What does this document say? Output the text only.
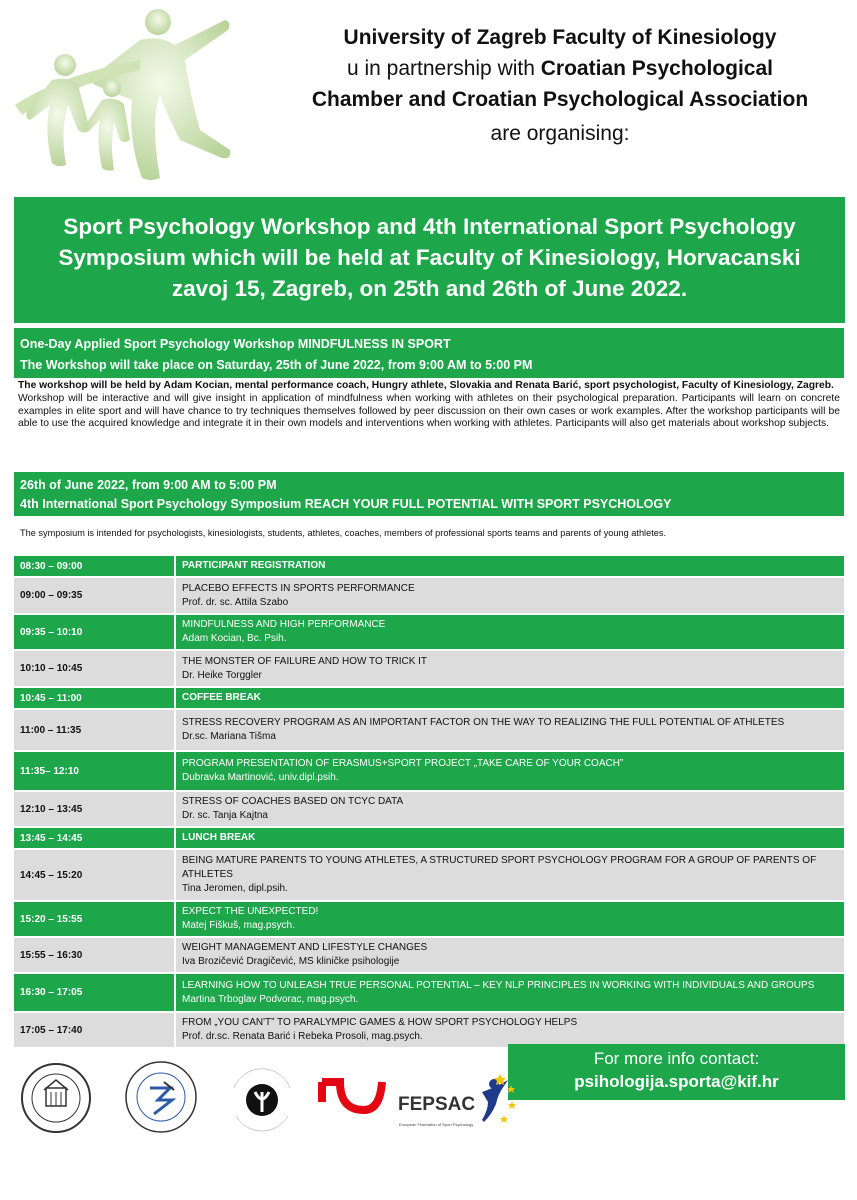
University of Zagreb Faculty of Kinesiology
u in partnership with Croatian Psychological
Chamber and Croatian Psychological Association
are organising:
Sport Psychology Workshop and 4th International Sport Psychology Symposium which will be held at Faculty of Kinesiology, Horvacanski zavoj 15, Zagreb, on 25th and 26th of June 2022.
One-Day Applied Sport Psychology Workshop MINDFULNESS IN SPORT
The Workshop will take place on Saturday, 25th of June 2022, from 9:00 AM to 5:00 PM
The workshop will be held by Adam Kocian, mental performance coach, Hungry athlete, Slovakia and Renata Barić, sport psychologist, Faculty of Kinesiology, Zagreb.
Workshop will be interactive and will give insight in application of mindfulness when working with athletes on their psychological preparation. Participants will learn on concrete examples in elite sport and will have chance to try techniques themselves followed by peer discussion on their own cases or work examples. After the workshop participants will be able to use the acquired knowledge and integrate it in their own models and interventions when working with athletes. Participants will also get materials about workshop subjects.
26th of June 2022, from 9:00 AM to 5:00 PM
4th International Sport Psychology Symposium REACH YOUR FULL POTENTIAL WITH SPORT PSYCHOLOGY
The symposium is intended for psychologists, kinesiologists, students, athletes, coaches, members of professional sports teams and parents of young athletes.
08:30 – 09:00		PARTICIPANT REGISTRATION

09:00 – 09:35		PLACEBO EFFECTS IN SPORTS PERFORMANCE
Prof. dr. sc. Attila Szabo

09:35 – 10:10		MINDFULNESS AND HIGH PERFORMANCE
Adam Kocian, Bc. Psih.

10:10 – 10:45		THE MONSTER OF FAILURE AND HOW TO TRICK IT
Dr. Heike Torggler

10:45 – 11:00		COFFEE BREAK

11:00 – 11:35		STRESS RECOVERY PROGRAM AS AN IMPORTANT FACTOR ON THE WAY TO REALIZING THE FULL POTENTIAL OF ATHLETES
Dr.sc. Mariana Tišma

11:35– 12:10		PROGRAM PRESENTATION OF ERASMUS+SPORT PROJECT „TAKE CARE OF YOUR COACH”
Dubravka Martinović, univ.dipl.psih.

12:10 – 13:45		STRESS OF COACHES BASED ON TCYC DATA
Dr. sc. Tanja Kajtna

13:45 – 14:45		LUNCH BREAK

14:45 – 15:20		BEING MATURE PARENTS TO YOUNG ATHLETES, A STRUCTURED SPORT PSYCHOLOGY PROGRAM FOR A GROUP OF PARENTS OF ATHLETES
Tina Jeromen, dipl.psih.

15:20 – 15:55		EXPECT THE UNEXPECTED!
Matej Fiškuš, mag.psych.

15:55 – 16:30		WEIGHT MANAGEMENT AND LIFESTYLE CHANGES
Iva Brozičević Dragičević, MS kliničke psihologije

16:30 – 17:05		LEARNING HOW TO UNLEASH TRUE PERSONAL POTENTIAL – KEY NLP PRINCIPLES IN WORKING WITH INDIVIDUALS AND GROUPS
Martina Trboglav Podvorac, mag.psych.

17:05 – 17:40		FROM „YOU CAN'T” TO PARALYMPIC GAMES & HOW SPORT PSYCHOLOGY HELPS
Prof. dr.sc. Renata Barić i Rebeka Prosoli, mag.psych.
For more info contact:
psihologija.sporta@kif.hr
FEPSAC
European Federation of Sport Psychology
